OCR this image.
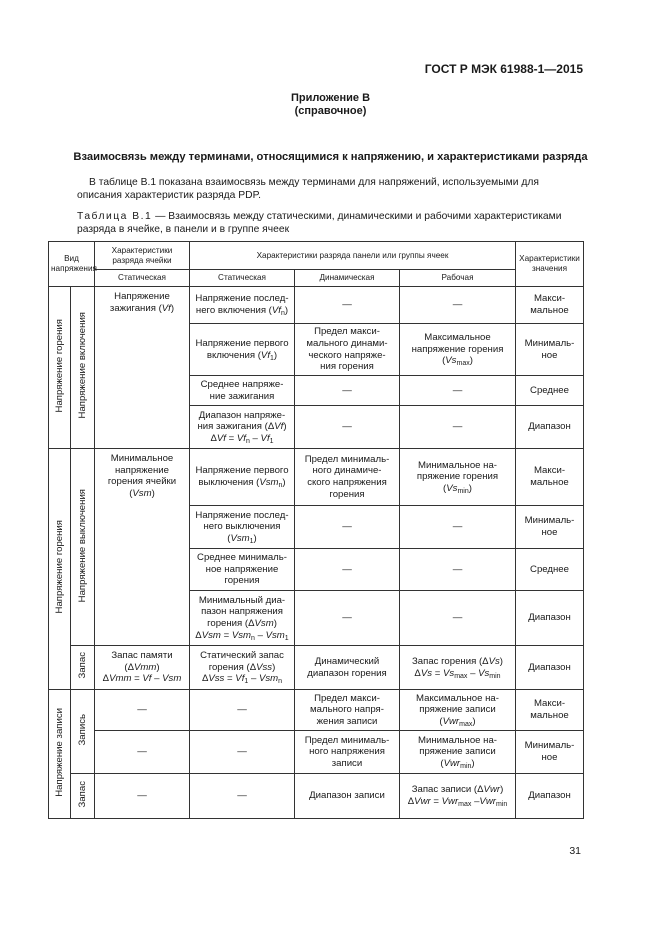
ГОСТ Р МЭК 61988-1—2015
Приложение В
(справочное)
Взаимосвязь между терминами, относящимися к напряжению, и характеристиками разряда
В таблице В.1 показана взаимосвязь между терминами для напряжений, используемыми для описания характеристик разряда PDP.
Таблица В.1 — Взаимосвязь между статическими, динамическими и рабочими характеристиками разряда в ячейке, в панели и в группе ячеек
Вид напряжения		Характеристики разряда ячейки	Характеристики разряда панели или группы ячеек			Характеристики значения
		Статическая	Статическая	Динамическая	Рабочая	
Напряжение горения	Напряжение включения	Напряжение
зажигания (Vf)	Напряжение послед-
него включения $(Vf_n)$	—	—	Макси-
мальное
			Напряжение первого
включения $(Vf_1)$	Предел макси-
мального динами-
ческого напряже-
ния горения	Максимальное
напряжение горения
$(Vs_{max})$	Минималь-
ное
			Среднее напряже-
ние зажигания	—	—	Среднее
			Диапазон напряже-
ния зажигания (ΔVf)
$\Delta Vf = Vf_n - Vf_1$	—	—	Диапазон
Напряжение горения	Напряжение выключения	Минимальное
напряжение
горения ячейки
(Vsm)	Напряжение первого
выключения (Vsm$_n$)	Предел минималь-
ного динамиче-
ского напряжения
горения	Минимальное на-
пряжение горения
$(Vs_{min})$	Макси-
мальное
			Напряжение послед-
него выключения
(Vsm$_1$)	—	—	Минималь-
ное
			Среднее минималь-
ное напряжение
горения	—	—	Среднее
			Минимальный диа-
пазон напряжения
горения (ΔVsm)
ΔVsm = Vsm$_n$ – Vsm$_1$	—	—	Диапазон
	Запас	Запас памяти
(ΔVmm)
ΔVmm = Vf – Vsm	Статический запас
горения (ΔVss)
$\Delta Vss = Vf_1 - Vsm_n$	Динамический
диапазон горения	Запас горения (ΔVs)
$\Delta Vs = Vs_{max} - Vs_{min}$	Диапазон
Напряжение записи	Запись	—	—	Предел макси-
мального напря-
жения записи	Максимальное на-
пряжение записи
(Vwr$_{max}$)	Макси-
мальное
		—	—	Предел минималь-
ного напряжения
записи	Минимальное на-
пряжение записи
(Vwr$_{min}$)	Минималь-
ное
	Запас	—	—	Диапазон записи	Запас записи (ΔVwr)
ΔVwr = Vwr$_{max}$ –Vwr$_{min}$	Диапазон
31
